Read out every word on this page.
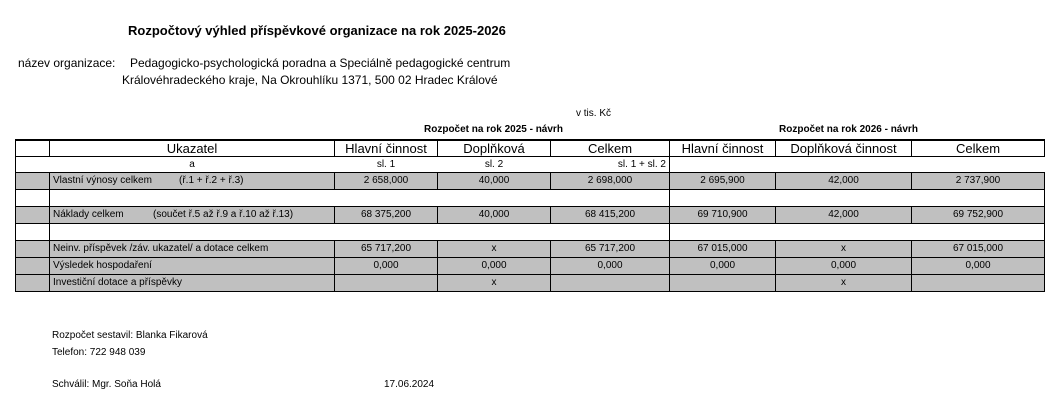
Rozpočtový výhled příspěvkové organizace na rok 2025-2026
název organizace: Pedagogicko-psychologická poradna a Speciálně pedagogické centrum
Královéhradeckého kraje, Na Okrouhlíku 1371, 500 02 Hradec Králové
v tis. Kč
Rozpočet na rok 2025 - návrh	Rozpočet na rok 2026 - návrh
	Ukazatel	Hlavní činnost	Doplňková	Celkem	Hlavní činnost	Doplňková činnost	Celkem
	a	sl. 1	sl. 2	sl. 1 + sl. 2			
	Vlastní výnosy celkem (ř.1 + ř.2 + ř.3)	2 658,000	40,000	2 698,000	2 695,900	42,000	2 737,900

	Náklady celkem (součet ř.5 až ř.9 a ř.10 až ř.13)	68 375,200	40,000	68 415,200	69 710,900	42,000	69 752,900

	Neinv. příspěvek /záv. ukazatel/ a dotace celkem	65 717,200	x	65 717,200	67 015,000	x	67 015,000
	Výsledek hospodaření	0,000	0,000	0,000	0,000	0,000	0,000
	Investiční dotace a příspěvky		x			x	
Rozpočet sestavil: Blanka Fikarová
Telefon: 722 948 039
Schválil: Mgr. Soňa Holá	17.06.2024
